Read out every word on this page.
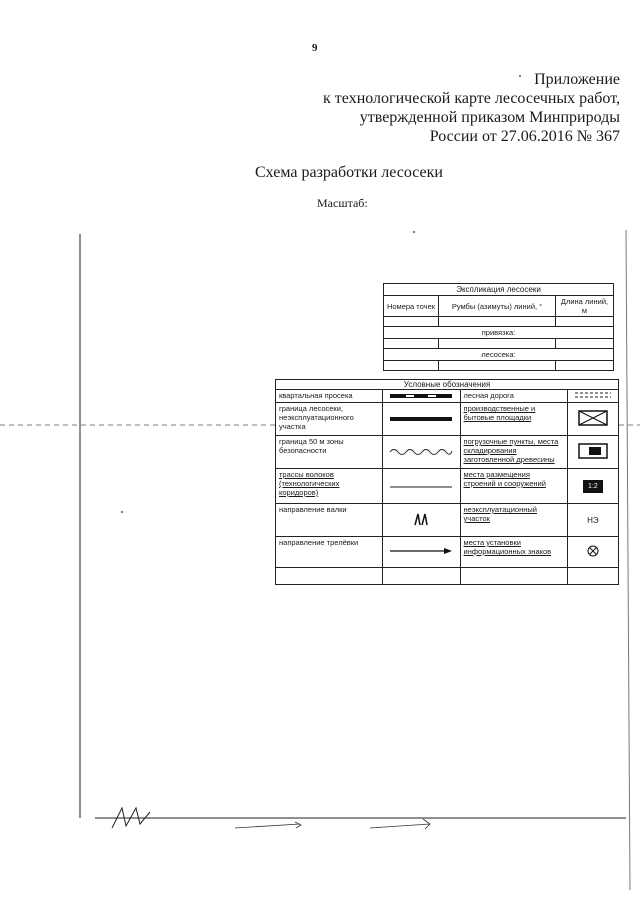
9
Приложение
к технологической карте лесосечных работ,
утвержденной приказом Минприроды
России от 27.06.2016 № 367
Схема разработки лесосеки
Масштаб:
Экспликация лесосеки		
Номера точек	Румбы (азимуты) линий, °	Длина линий, м

привязка:		

лесосека:		

Условные обозначения			
квартальная просека		лесная дорога	
граница лесосеки, неэксплуатационного участка		производственные и бытовые площадки	
граница 50 м зоны безопасности		погрузочные пункты, места складирования заготовленной древесины	
трассы волоков (технологических коридоров)		места размещения строений и сооружений	1:2
направление валки		неэксплуатационный участок	НЭ
направление трелёвки		места установки информационных знаков	
